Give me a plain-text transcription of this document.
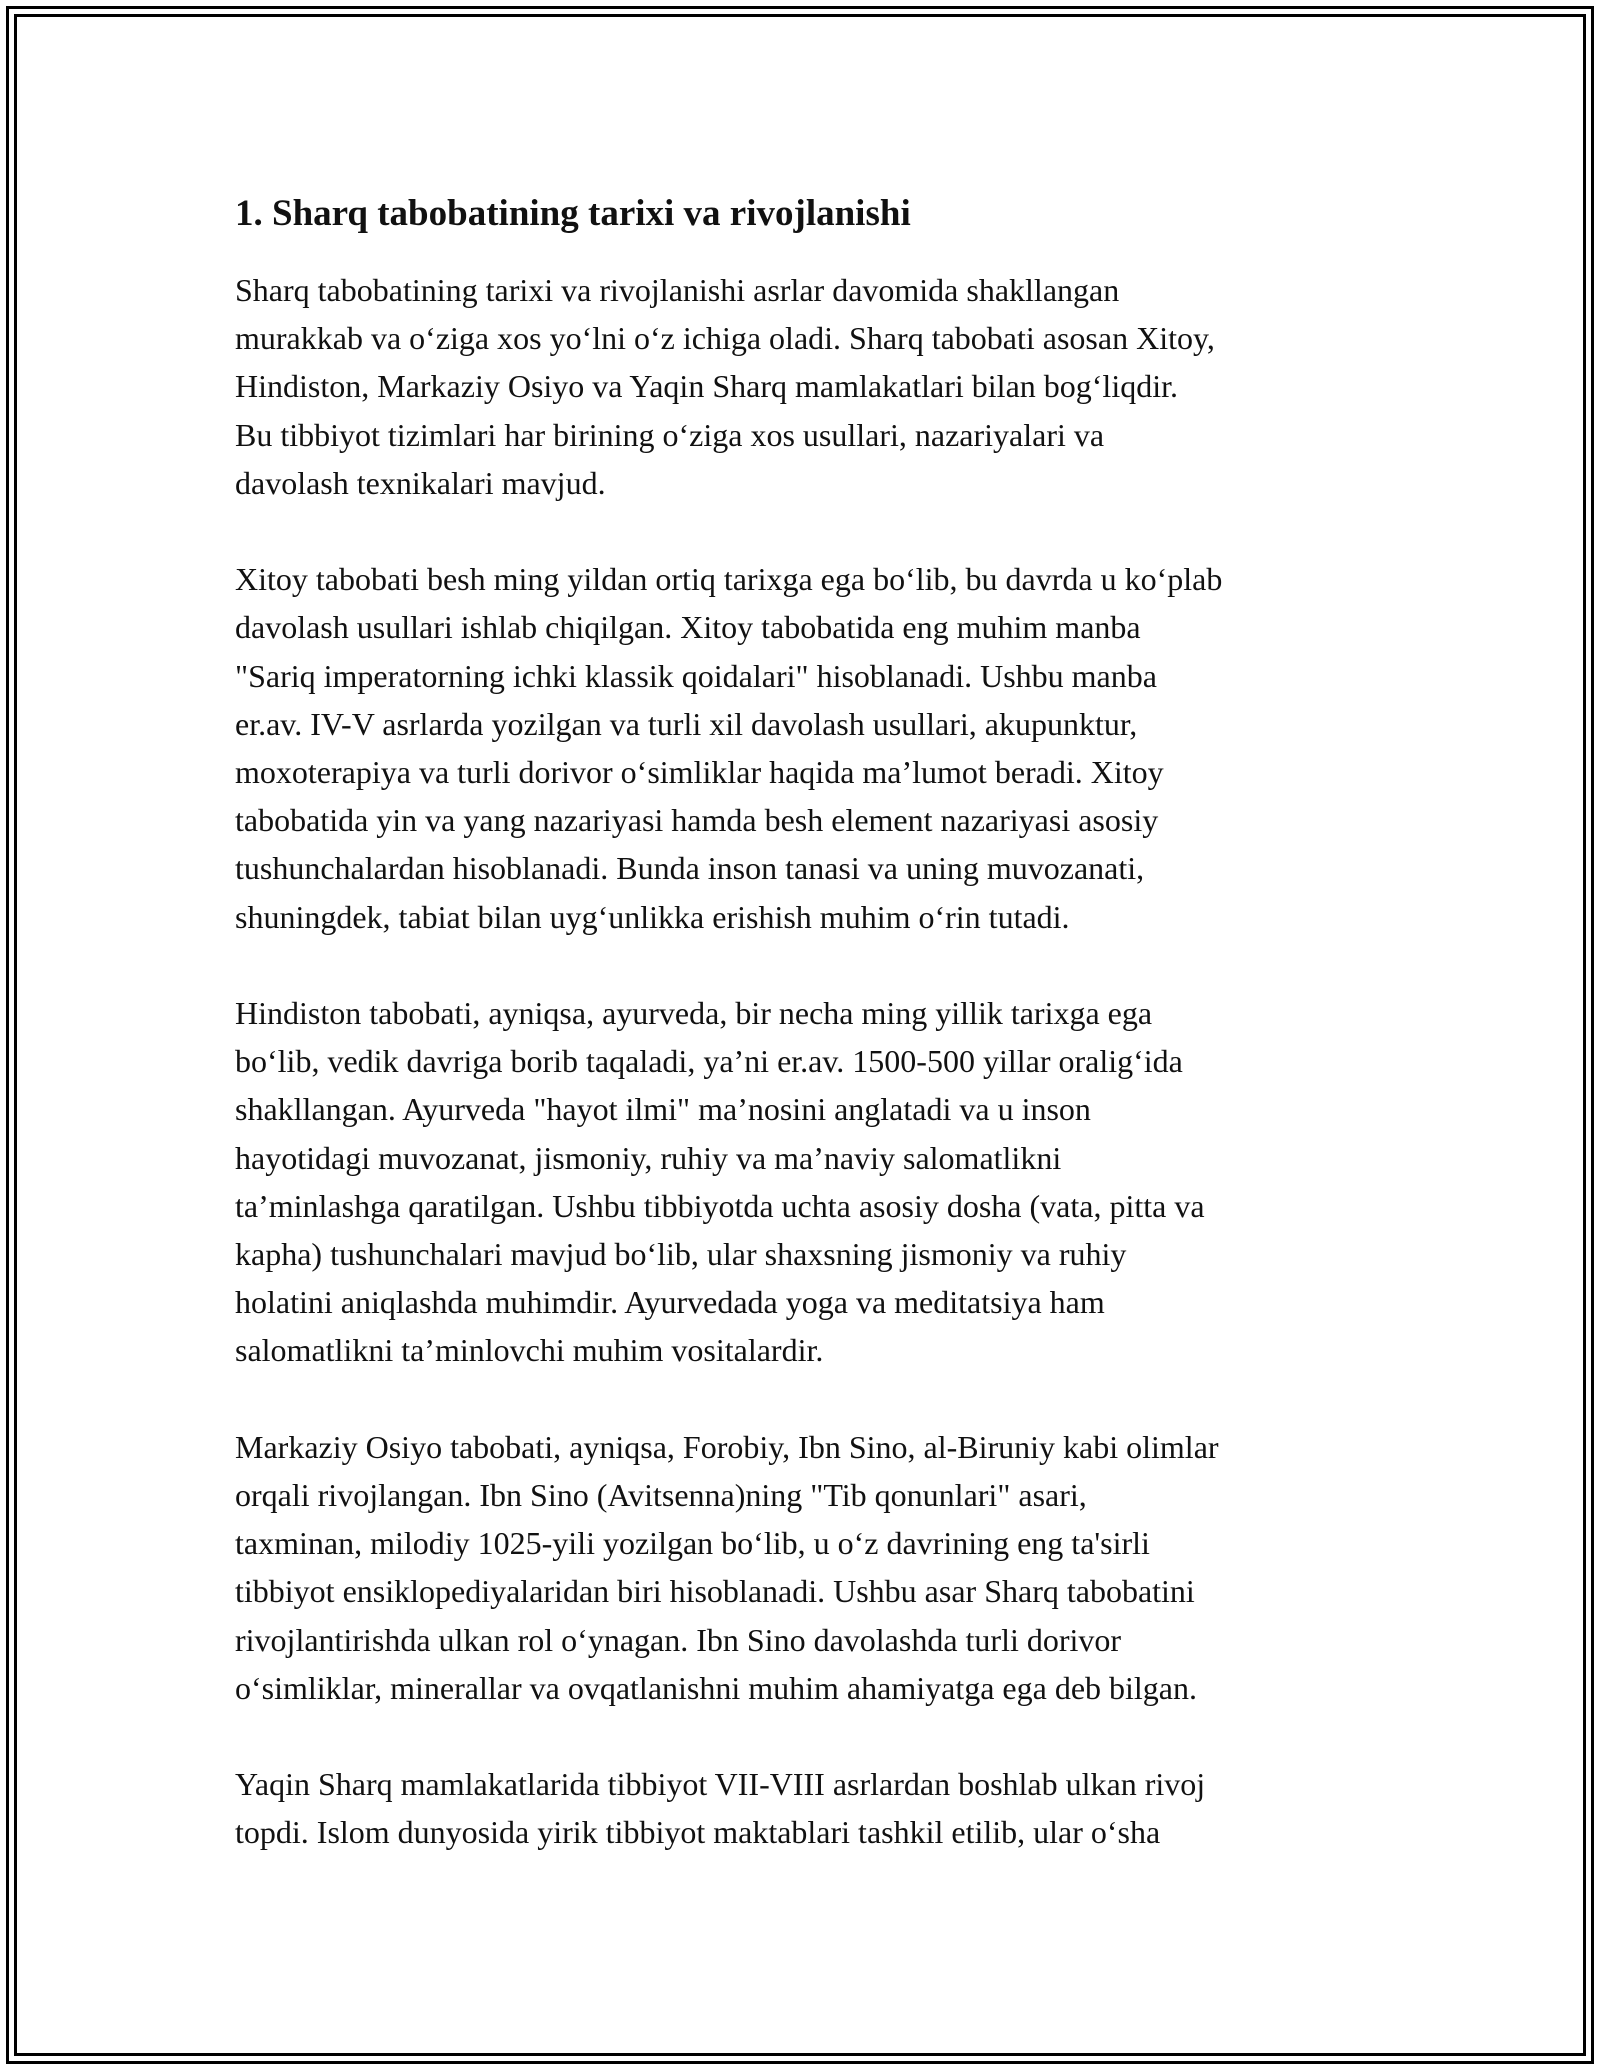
1. Sharq tabobatining tarixi va rivojlanishi

Sharq tabobatining tarixi va rivojlanishi asrlar davomida shakllangan
murakkab va oʻziga xos yoʻlni oʻz ichiga oladi. Sharq tabobati asosan Xitoy,
Hindiston, Markaziy Osiyo va Yaqin Sharq mamlakatlari bilan bogʻliqdir.
Bu tibbiyot tizimlari har birining oʻziga xos usullari, nazariyalari va
davolash texnikalari mavjud.

Xitoy tabobati besh ming yildan ortiq tarixga ega boʻlib, bu davrda u koʻplab
davolash usullari ishlab chiqilgan. Xitoy tabobatida eng muhim manba
"Sariq imperatorning ichki klassik qoidalari" hisoblanadi. Ushbu manba
er.av. IV-V asrlarda yozilgan va turli xil davolash usullari, akupunktur,
moxoterapiya va turli dorivor oʻsimliklar haqida maʼlumot beradi. Xitoy
tabobatida yin va yang nazariyasi hamda besh element nazariyasi asosiy
tushunchalardan hisoblanadi. Bunda inson tanasi va uning muvozanati,
shuningdek, tabiat bilan uygʻunlikka erishish muhim oʻrin tutadi.

Hindiston tabobati, ayniqsa, ayurveda, bir necha ming yillik tarixga ega
boʻlib, vedik davriga borib taqaladi, yaʼni er.av. 1500-500 yillar oraligʻida
shakllangan. Ayurveda "hayot ilmi" maʼnosini anglatadi va u inson
hayotidagi muvozanat, jismoniy, ruhiy va maʼnaviy salomatlikni
taʼminlashga qaratilgan. Ushbu tibbiyotda uchta asosiy dosha (vata, pitta va
kapha) tushunchalari mavjud boʻlib, ular shaxsning jismoniy va ruhiy
holatini aniqlashda muhimdir. Ayurvedada yoga va meditatsiya ham
salomatlikni taʼminlovchi muhim vositalardir.

Markaziy Osiyo tabobati, ayniqsa, Forobiy, Ibn Sino, al-Biruniy kabi olimlar
orqali rivojlangan. Ibn Sino (Avitsenna)ning "Tib qonunlari" asari,
taxminan, milodiy 1025-yili yozilgan boʻlib, u oʻz davrining eng ta'sirli
tibbiyot ensiklopediyalaridan biri hisoblanadi. Ushbu asar Sharq tabobatini
rivojlantirishda ulkan rol oʻynagan. Ibn Sino davolashda turli dorivor
oʻsimliklar, minerallar va ovqatlanishni muhim ahamiyatga ega deb bilgan.

Yaqin Sharq mamlakatlarida tibbiyot VII-VIII asrlardan boshlab ulkan rivoj
topdi. Islom dunyosida yirik tibbiyot maktablari tashkil etilib, ular oʻsha
